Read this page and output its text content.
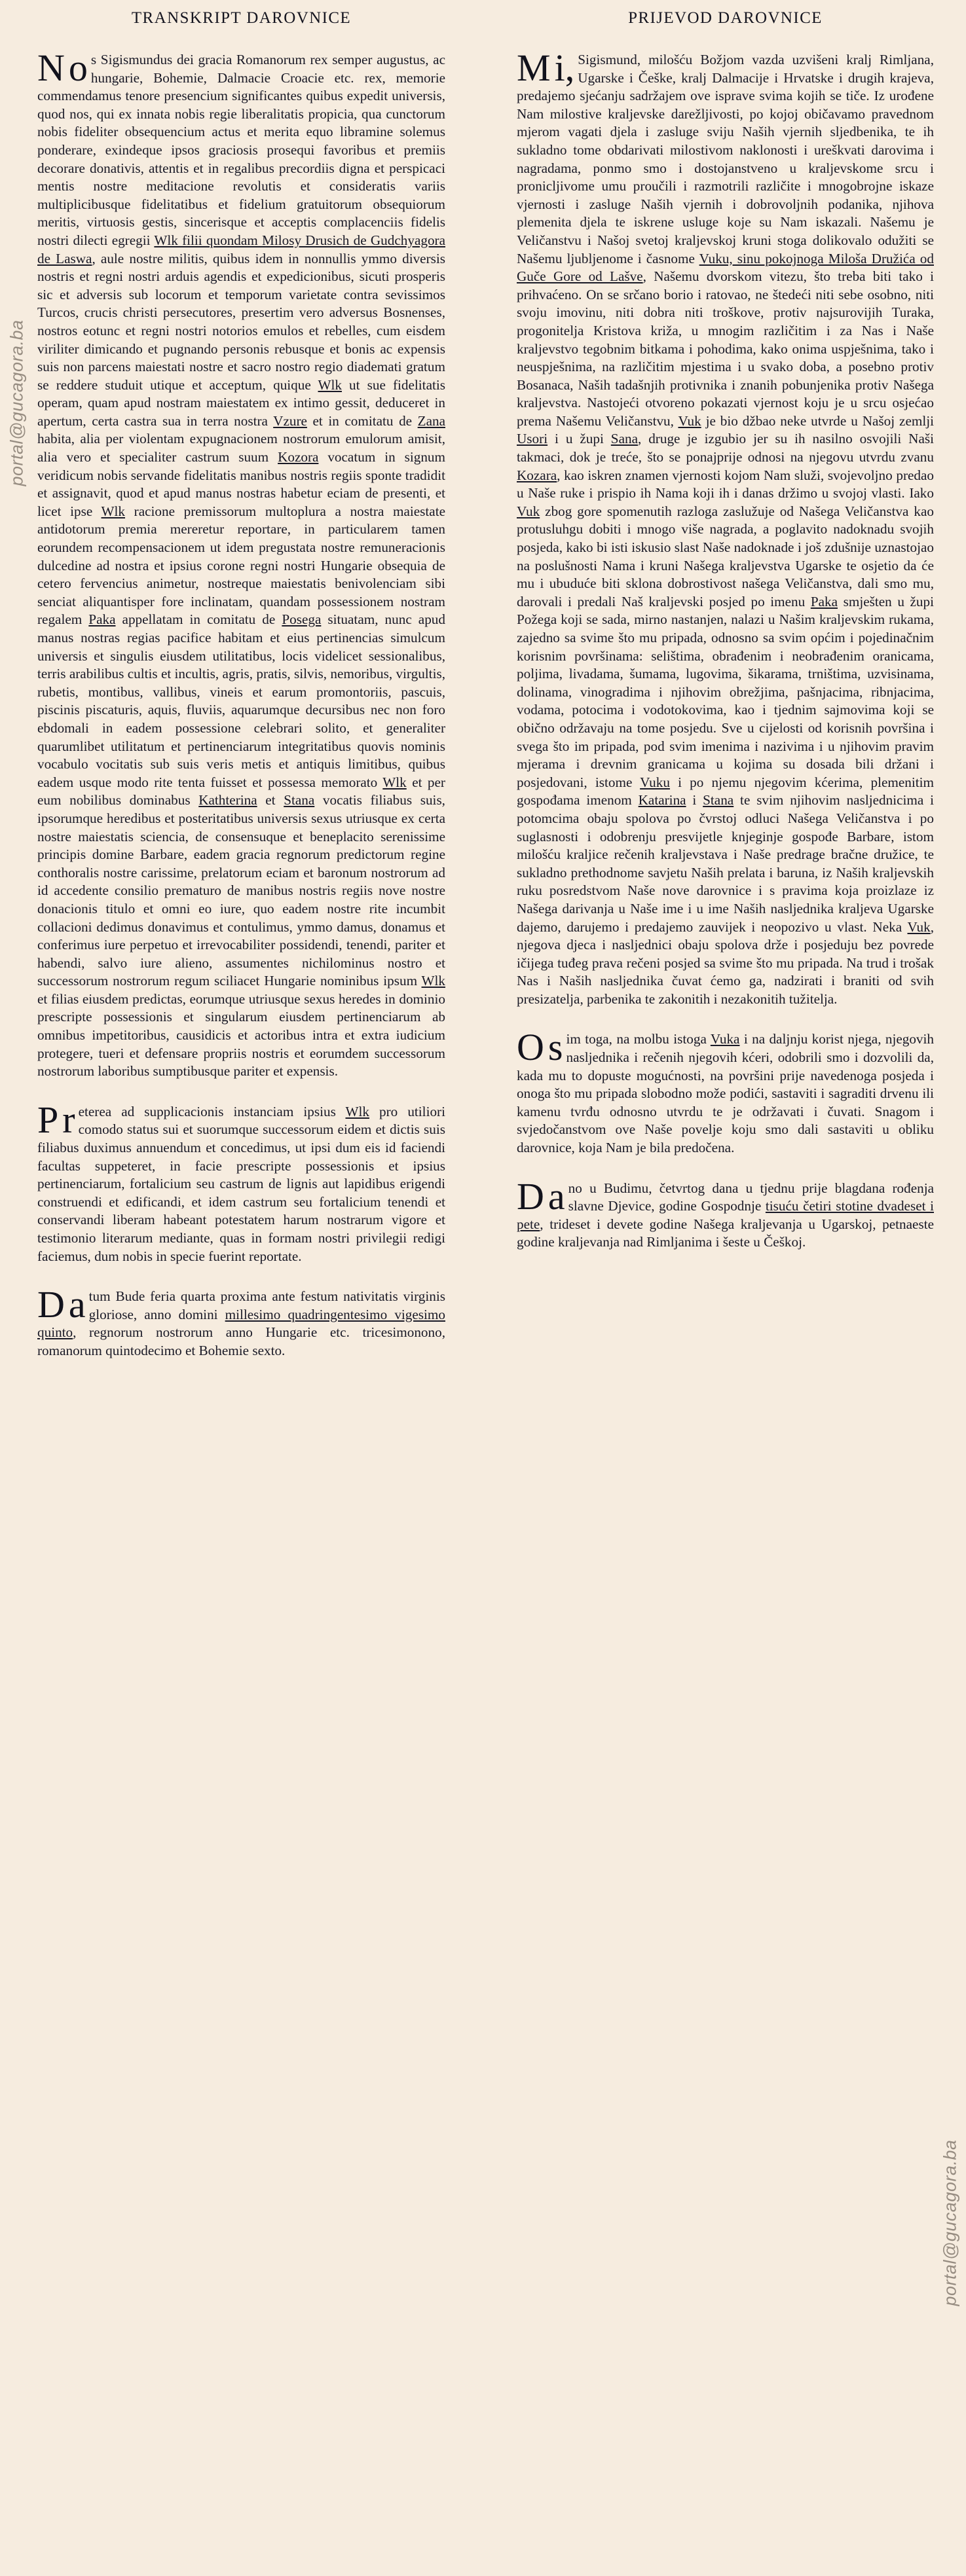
portal@gucagora.ba
portal@gucagora.ba
TRANSKRIPT DAROVNICE

Nos Sigismundus dei gracia Romanorum rex semper augustus, ac hungarie, Bohemie, Dalmacie Croacie etc. rex, memorie commendamus tenore presencium significantes quibus expedit universis, quod nos, qui ex innata nobis regie liberalitatis propicia, qua cunctorum nobis fideliter obsequencium actus et merita equo libramine solemus ponderare, exindeque ipsos graciosis prosequi favoribus et premiis decorare donativis, attentis et in regalibus precordiis digna et perspicaci mentis nostre meditacione revolutis et consideratis variis multiplicibusque fidelitatibus et fidelium gratuitorum obsequiorum meritis, virtuosis gestis, sincerisque et acceptis complacenciis fidelis nostri dilecti egregii Wlk filii quondam Milosy Drusich de Gudchyagora de Laswa, aule nostre militis, quibus idem in nonnullis ymmo diversis nostris et regni nostri arduis agendis et expedicionibus, sicuti prosperis sic et adversis sub locorum et temporum varietate contra sevissimos Turcos, crucis christi persecutores, presertim vero adversus Bosnenses, nostros eotunc et regni nostri notorios emulos et rebelles, cum eisdem viriliter dimicando et pugnando personis rebusque et bonis ac expensis suis non parcens maiestati nostre et sacro nostro regio diademati gratum se reddere studuit utique et acceptum, quique Wlk ut sue fidelitatis operam, quam apud nostram maiestatem ex intimo gessit, deduceret in apertum, certa castra sua in terra nostra Vzure et in comitatu de Zana habita, alia per violentam expugnacionem nostrorum emulorum amisit, alia vero et specialiter castrum suum Kozora vocatum in signum veridicum nobis servande fidelitatis manibus nostris regiis sponte tradidit et assignavit, quod et apud manus nostras habetur eciam de presenti, et licet ipse Wlk racione premissorum multoplura a nostra maiestate antidotorum premia mereretur reportare, in particularem tamen eorundem recompensacionem ut idem pregustata nostre remuneracionis dulcedine ad nostra et ipsius corone regni nostri Hungarie obsequia de cetero fervencius animetur, nostreque maiestatis benivolenciam sibi senciat aliquantisper fore inclinatam, quandam possessionem nostram regalem Paka appellatam in comitatu de Posega situatam, nunc apud manus nostras regias pacifice habitam et eius pertinencias simulcum universis et singulis eiusdem utilitatibus, locis videlicet sessionalibus, terris arabilibus cultis et incultis, agris, pratis, silvis, nemoribus, virgultis, rubetis, montibus, vallibus, vineis et earum promontoriis, pascuis, piscinis piscaturis, aquis, fluviis, aquarumque decursibus nec non foro ebdomali in eadem possessione celebrari solito, et generaliter quarumlibet utilitatum et pertinenciarum integritatibus quovis nominis vocabulo vocitatis sub suis veris metis et antiquis limitibus, quibus eadem usque modo rite tenta fuisset et possessa memorato Wlk et per eum nobilibus dominabus Kathterina et Stana vocatis filiabus suis, ipsorumque heredibus et posteritatibus universis sexus utriusque ex certa nostre maiestatis sciencia, de consensuque et beneplacito serenissime principis domine Barbare, eadem gracia regnorum predictorum regine conthoralis nostre carissime, prelatorum eciam et baronum nostrorum ad id accedente consilio prematuro de manibus nostris regiis nove nostre donacionis titulo et omni eo iure, quo eadem nostre rite incumbit collacioni dedimus donavimus et contulimus, ymmo damus, donamus et conferimus iure perpetuo et irrevocabiliter possidendi, tenendi, pariter et habendi, salvo iure alieno, assumentes nichilominus nostro et successorum nostrorum regum sciliacet Hungarie nominibus ipsum Wlk et filias eiusdem predictas, eorumque utriusque sexus heredes in dominio prescripte possessionis et singularum eiusdem pertinenciarum ab omnibus impetitoribus, causidicis et actoribus intra et extra iudicium protegere, tueri et defensare propriis nostris et eorumdem successorum nostrorum laboribus sumptibusque pariter et expensis.

Preterea ad supplicacionis instanciam ipsius Wlk pro utiliori comodo status sui et suorumque successorum eidem et dictis suis filiabus duximus annuendum et concedimus, ut ipsi dum eis id faciendi facultas suppeteret, in facie prescripte possessionis et ipsius pertinenciarum, fortalicium seu castrum de lignis aut lapidibus erigendi construendi et edificandi, et idem castrum seu fortalicium tenendi et conservandi liberam habeant potestatem harum nostrarum vigore et testimonio literarum mediante, quas in formam nostri privilegii redigi faciemus, dum nobis in specie fuerint reportate.

Datum Bude feria quarta proxima ante festum nativitatis virginis gloriose, anno domini millesimo quadringentesimo vigesimo quinto, regnorum nostrorum anno Hungarie etc. tricesimonono, romanorum quintodecimo et Bohemie sexto.

PRIJEVOD DAROVNICE

Mi, Sigismund, milošću Božjom vazda uzvišeni kralj Rimljana, Ugarske i Češke, kralj Dalmacije i Hrvatske i drugih krajeva, predajemo sjećanju sadržajem ove isprave svima kojih se tiče. Iz urođene Nam milostive kraljevske darežljivosti, po kojoj običavamo pravednom mjerom vagati djela i zasluge sviju Naših vjernih sljedbenika, te ih sukladno tome obdarivati milostivom naklonosti i ureškvati darovima i nagradama, ponmo smo i dostojanstveno u kraljevskome srcu i pronicljivome umu proučili i razmotrili različite i mnogobrojne iskaze vjernosti i zasluge Naših vjernih i dobrovoljnih podanika, njihova plemenita djela te iskrene usluge koje su Nam iskazali. Našemu je Veličanstvu i Našoj svetoj kraljevskoj kruni stoga dolikovalo odužiti se Našemu ljubljenome i časnome Vuku, sinu pokojnoga Miloša Družića od Guče Gore od Lašve, Našemu dvorskom vitezu, što treba biti tako i prihvaćeno. On se srčano borio i ratovao, ne štedeći niti sebe osobno, niti svoju imovinu, niti dobra niti troškove, protiv najsurovijih Turaka, progonitelja Kristova križa, u mnogim različitim i za Nas i Naše kraljevstvo tegobnim bitkama i pohodima, kako onima uspješnima, tako i neuspješnima, na različitim mjestima i u svako doba, a posebno protiv Bosanaca, Naših tadašnjih protivnika i znanih pobunjenika protiv Našega kraljevstva. Nastojeći otvoreno pokazati vjernost koju je u srcu osjećao prema Našemu Veličanstvu, Vuk je bio džbao neke utvrde u Našoj zemlji Usori i u župi Sana, druge je izgubio jer su ih nasilno osvojili Naši takmaci, dok je treće, što se ponajprije odnosi na njegovu utvrdu zvanu Kozara, kao iskren znamen vjernosti kojom Nam služi, svojevoljno predao u Naše ruke i prispio ih Nama koji ih i danas držimo u svojoj vlasti. Iako Vuk zbog gore spomenutih razloga zaslužuje od Našega Veličanstva kao protusluhgu dobiti i mnogo više nagrada, a poglavito nadoknadu svojih posjeda, kako bi isti iskusio slast Naše nadoknade i još zdušnije uznastojao na poslušnosti Nama i kruni Našega kraljevstva Ugarske te osjetio da će mu i ubuduće biti sklona dobrostivost našega Veličanstva, dali smo mu, darovali i predali Naš kraljevski posjed po imenu Paka smješten u župi Požega koji se sada, mirno nastanjen, nalazi u Našim kraljevskim rukama, zajedno sa svime što mu pripada, odnosno sa svim općim i pojedinačnim korisnim površinama: selištima, obrađenim i neobrađenim oranicama, poljima, livadama, šumama, lugovima, šikarama, trništima, uzvisinama, dolinama, vinogradima i njihovim obrežjima, pašnjacima, ribnjacima, vodama, potocima i vodotokovima, kao i tjednim sajmovima koji se obično održavaju na tome posjedu. Sve u cijelosti od korisnih površina i svega što im pripada, pod svim imenima i nazivima i u njihovim pravim mjerama i drevnim granicama u kojima su dosada bili držani i posjedovani, istome Vuku i po njemu njegovim kćerima, plemenitim gospođama imenom Katarina i Stana te svim njihovim nasljednicima i potomcima obaju spolova po čvrstoj odluci Našega Veličanstva i po suglasnosti i odobrenju presvijetle knjeginje gospođe Barbare, istom milošću kraljice rečenih kraljevstava i Naše predrage bračne družice, te sukladno prethodnome savjetu Naših prelata i baruna, iz Naših kraljevskih ruku posredstvom Naše nove darovnice i s pravima koja proizlaze iz Našega darivanja u Naše ime i u ime Naših nasljednika kraljeva Ugarske dajemo, darujemo i predajemo zauvijek i neopozivo u vlast. Neka Vuk, njegova djeca i nasljednici obaju spolova drže i posjeduju bez povrede ičijega tuđeg prava rečeni posjed sa svime što mu pripada. Na trud i trošak Nas i Naših nasljednika čuvat ćemo ga, nadzirati i braniti od svih presizatelja, parbenika te zakonitih i nezakonitih tužitelja.

Osim toga, na molbu istoga Vuka i na daljnju korist njega, njegovih nasljednika i rečenih njegovih kćeri, odobrili smo i dozvolili da, kada mu to dopuste mogućnosti, na površini prije navedenoga posjeda i onoga što mu pripada slobodno može podići, sastaviti i sagraditi drvenu ili kamenu tvrđu odnosno utvrdu te je održavati i čuvati. Snagom i svjedočanstvom ove Naše povelje koju smo dali sastaviti u obliku darovnice, koja Nam je bila predočena.

Dano u Budimu, četvrtog dana u tjednu prije blagdana rođenja slavne Djevice, godine Gospodnje tisuću četiri stotine dvadeset i pete, trideset i devete godine Našega kraljevanja u Ugarskoj, petnaeste godine kraljevanja nad Rimljanima i šeste u Češkoj.
